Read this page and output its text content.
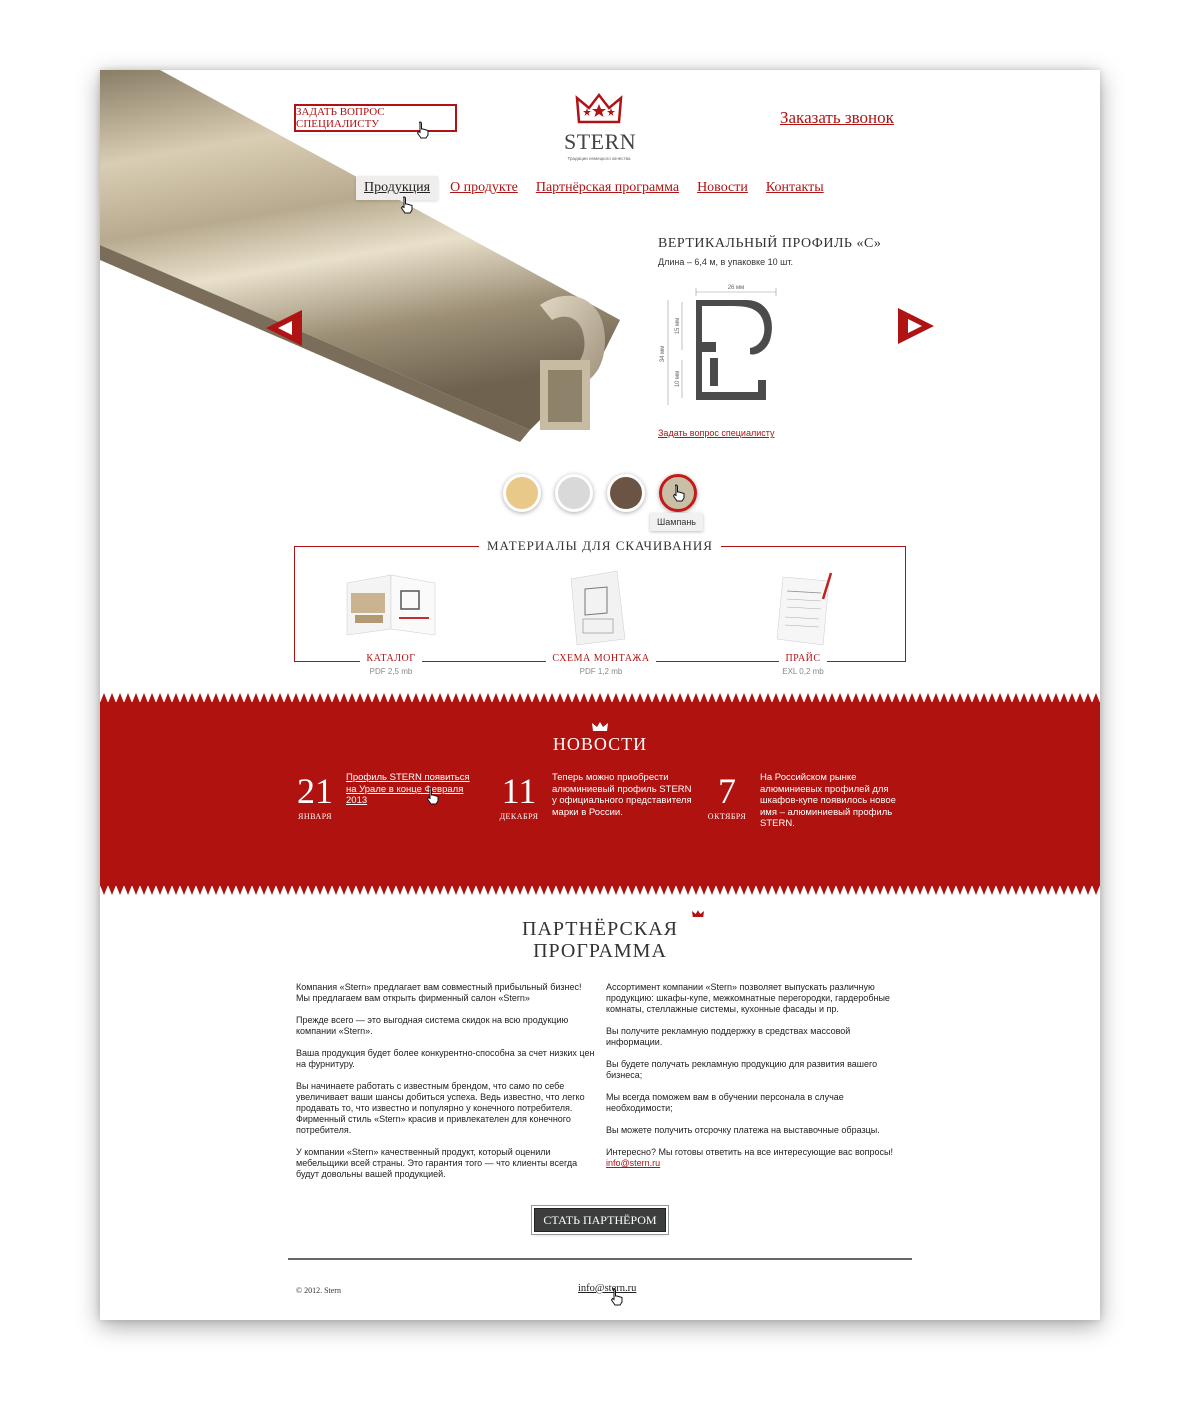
ЗАДАТЬ ВОПРОС СПЕЦИАЛИСТУ
STERN
Традиции немецкого качества
Заказать звонок
Продукция	О продукте Партнёрская программа Новости Контакты
ВЕРТИКАЛЬНЫЙ ПРОФИЛЬ «С»
Длина – 6,4 м, в упаковке 10 шт.
26 мм
34 мм
15 мм
10 мм
Задать вопрос специалисту
Шампань
МАТЕРИАЛЫ ДЛЯ СКАЧИВАНИЯ
КАТАЛОГ
PDF 2,5 mb
СХЕМА МОНТАЖА
PDF 1,2 mb
ПРАЙС
EXL 0,2 mb
НОВОСТИ
21
ЯНВАРЯ
Профиль STERN появиться на Урале в конце Февраля 2013	11
ДЕКАБРЯ
Теперь можно приобрести алюминиевый профиль STERN у официального представителя марки в России.
7
ОКТЯБРЯ
На Российском рынке алюминиевых профилей для шкафов-купе появилось новое имя – алюминиевый профиль STERN.
ПАРТНЁРСКАЯ
ПРОГРАММА

Компания «Stern» предлагает вам совместный прибыльный бизнес! Мы предлагаем вам открыть фирменный салон «Stern»

Прежде всего — это выгодная система скидок на всю продукцию компании «Stern».

Ваша продукция будет более конкурентно-способна за счет низких цен на фурнитуру.

Вы начинаете работать с известным брендом, что само по себе увеличивает ваши шансы добиться успеха. Ведь известно, что легко продавать то, что известно и популярно у конечного потребителя. Фирменный стиль «Stern» красив и привлекателен для конечного потребителя.

У компании «Stern» качественный продукт, который оценили мебельщики всей страны. Это гарантия того — что клиенты всегда будут довольны вашей продукцией.

Ассортимент компании «Stern» позволяет выпускать различную продукцию: шкафы-купе, межкомнатные перегородки, гардеробные комнаты, стеллажные системы, кухонные фасады и пр.

Вы получите рекламную поддержку в средствах массовой информации.

Вы будете получать рекламную продукцию для развития вашего бизнеса;

Мы всегда поможем вам в обучении персонала в случае необходимости;

Вы можете получить отсрочку платежа на выставочные образцы.

Интересно? Мы готовы ответить на все интересующие вас вопросы!

info@stern.ru
СТАТЬ ПАРТНЁРОМ
© 2012. Stern	info@stern.ru
